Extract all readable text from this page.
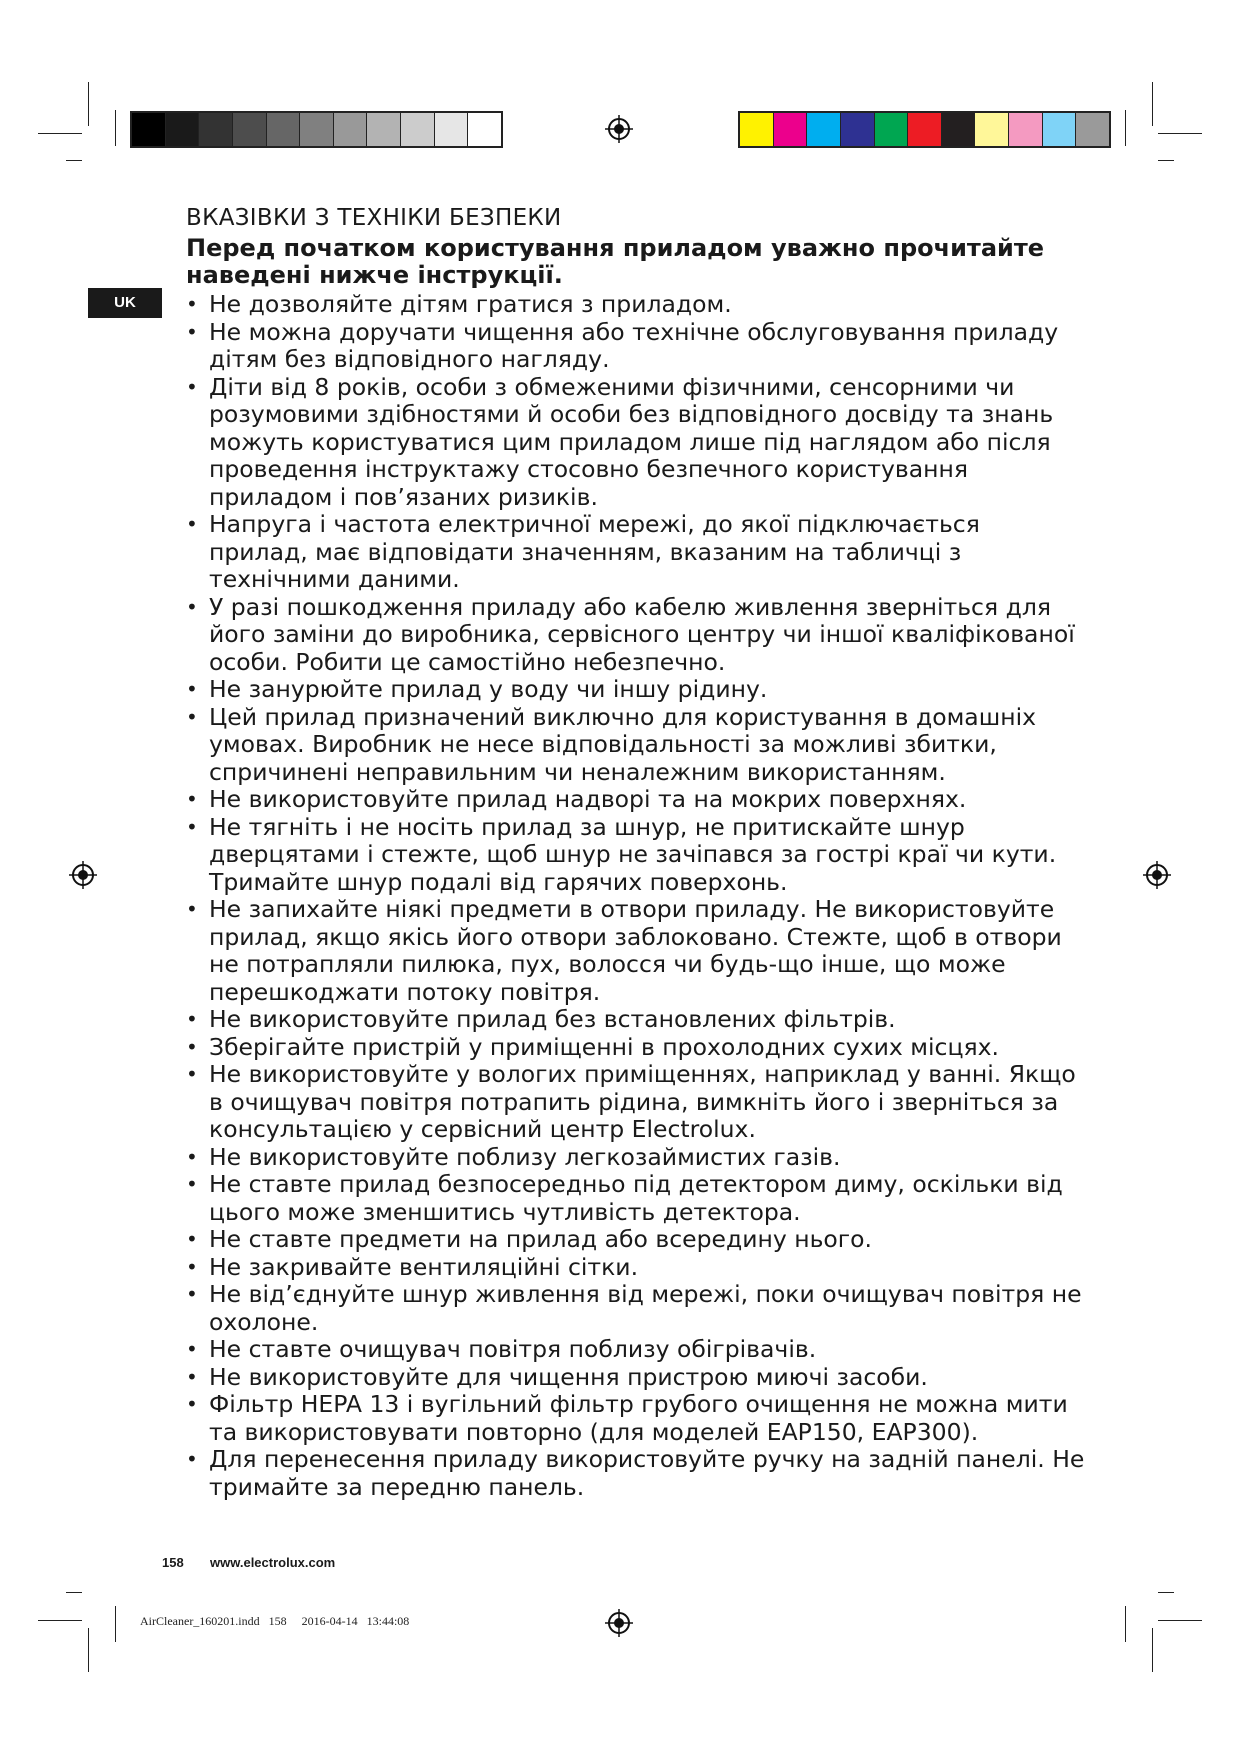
UK
ВКАЗІВКИ З ТЕХНІКИ БЕЗПЕКИ

Перед початком користування приладом уважно прочитайте наведені нижче інструкції.

• Не дозволяйте дітям гратися з приладом.
• Не можна доручати чищення або технічне обслуговування приладу дітям без відповідного нагляду.
• Діти від 8 років, особи з обмеженими фізичними, сенсорними чи розумовими здібностями й особи без відповідного досвіду та знань можуть користуватися цим приладом лише під наглядом або після проведення інструктажу стосовно безпечного користування приладом і пов’язаних ризиків.
• Напруга і частота електричної мережі, до якої підключається прилад, має відповідати значенням, вказаним на табличці з технічними даними.
• У разі пошкодження приладу або кабелю живлення зверніться для його заміни до виробника, сервісного центру чи іншої кваліфікованої особи. Робити це самостійно небезпечно.
• Не занурюйте прилад у воду чи іншу рідину.
• Цей прилад призначений виключно для користування в домашніх умовах. Виробник не несе відповідальності за можливі збитки, спричинені неправильним чи неналежним використанням.
• Не використовуйте прилад надворі та на мокрих поверхнях.
• Не тягніть і не носіть прилад за шнур, не притискайте шнур дверцятами і стежте, щоб шнур не зачіпався за гострі краї чи кути. Тримайте шнур подалі від гарячих поверхонь.
• Не запихайте ніякі предмети в отвори приладу. Не використовуйте прилад, якщо якісь його отвори заблоковано. Стежте, щоб в отвори не потрапляли пилюка, пух, волосся чи будь-що інше, що може перешкоджати потоку повітря.
• Не використовуйте прилад без встановлених фільтрів.
• Зберігайте пристрій у приміщенні в прохолодних сухих місцях.
• Не використовуйте у вологих приміщеннях, наприклад у ванні. Якщо в очищувач повітря потрапить рідина, вимкніть його і зверніться за консультацією у сервісний центр Electrolux.
• Не використовуйте поблизу легкозаймистих газів.
• Не ставте прилад безпосередньо під детектором диму, оскільки від цього може зменшитись чутливість детектора.
• Не ставте предмети на прилад або всередину нього.
• Не закривайте вентиляційні сітки.
• Не від’єднуйте шнур живлення від мережі, поки очищувач повітря не охолоне.
• Не ставте очищувач повітря поблизу обігрівачів.
• Не використовуйте для чищення пристрою миючі засоби.
• Фільтр HEPA 13 і вугільний фільтр грубого очищення не можна мити та використовувати повторно (для моделей EAP150, EAP300).
• Для перенесення приладу використовуйте ручку на задній панелі. Не тримайте за передню панель.
158 www.electrolux.com
AirCleaner_160201.indd   158     2016-04-14   13:44:08
